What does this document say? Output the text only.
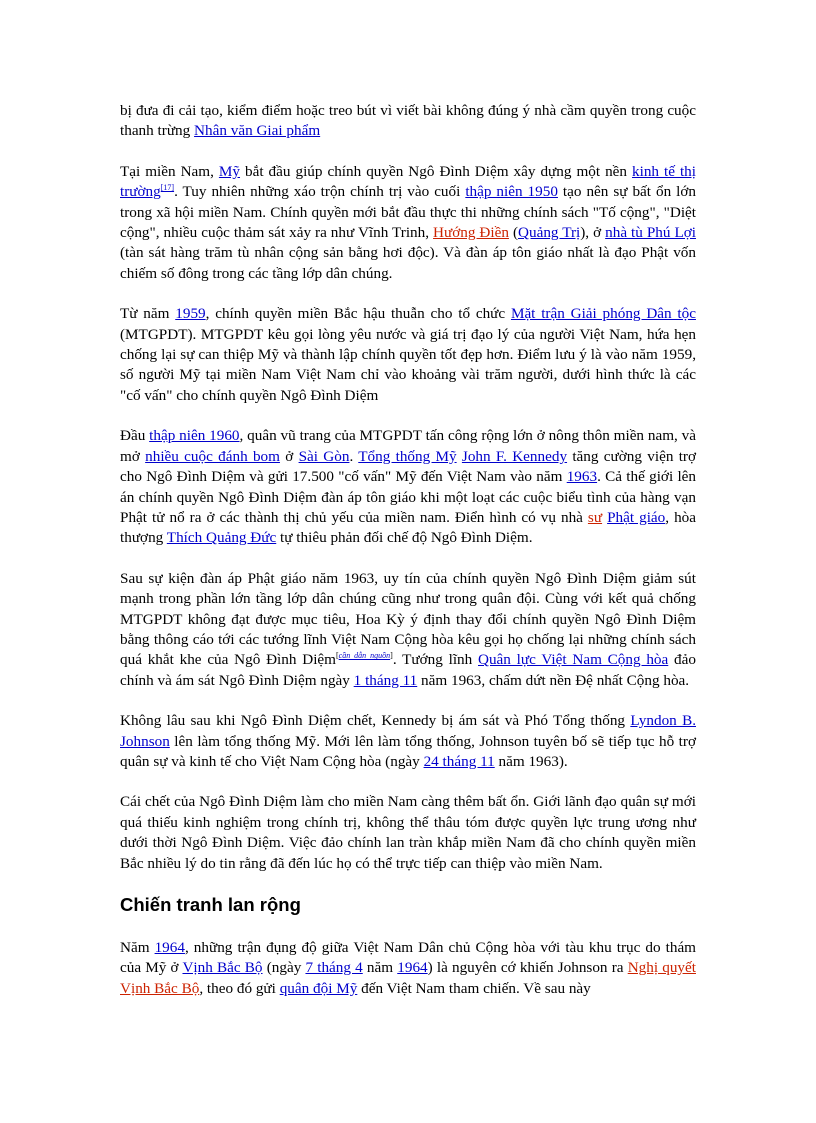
bị đưa đi cải tạo, kiểm điểm hoặc treo bút vì viết bài không đúng ý nhà cầm quyền trong cuộc thanh trừng Nhân văn Giai phẩm

Tại miền Nam, Mỹ bắt đầu giúp chính quyền Ngô Đình Diệm xây dựng một nền kinh tế thị trường[17]. Tuy nhiên những xáo trộn chính trị vào cuối thập niên 1950 tạo nên sự bất ổn lớn trong xã hội miền Nam. Chính quyền mới bắt đầu thực thi những chính sách "Tố cộng", "Diệt cộng", nhiều cuộc thảm sát xảy ra như Vĩnh Trinh, Hướng Điền (Quảng Trị), ở nhà tù Phú Lợi (tàn sát hàng trăm tù nhân cộng sản bằng hơi độc). Và đàn áp tôn giáo nhất là đạo Phật vốn chiếm số đông trong các tầng lớp dân chúng.

Từ năm 1959, chính quyền miền Bắc hậu thuẫn cho tổ chức Mặt trận Giải phóng Dân tộc (MTGPDT). MTGPDT kêu gọi lòng yêu nước và giá trị đạo lý của người Việt Nam, hứa hẹn chống lại sự can thiệp Mỹ và thành lập chính quyền tốt đẹp hơn. Điểm lưu ý là vào năm 1959, số người Mỹ tại miền Nam Việt Nam chỉ vào khoảng vài trăm người, dưới hình thức là các "cố vấn" cho chính quyền Ngô Đình Diệm

Đầu thập niên 1960, quân vũ trang của MTGPDT tấn công rộng lớn ở nông thôn miền nam, và mở nhiều cuộc đánh bom ở Sài Gòn. Tổng thống Mỹ John F. Kennedy tăng cường viện trợ cho Ngô Đình Diệm và gửi 17.500 "cố vấn" Mỹ đến Việt Nam vào năm 1963. Cả thế giới lên án chính quyền Ngô Đình Diệm đàn áp tôn giáo khi một loạt các cuộc biểu tình của hàng vạn Phật tử nổ ra ở các thành thị chủ yếu của miền nam. Điển hình có vụ nhà sư Phật giáo, hòa thượng Thích Quảng Đức tự thiêu phản đối chế độ Ngô Đình Diệm.

Sau sự kiện đàn áp Phật giáo năm 1963, uy tín của chính quyền Ngô Đình Diệm giảm sút mạnh trong phần lớn tầng lớp dân chúng cũng như trong quân đội. Cùng với kết quả chống MTGPDT không đạt được mục tiêu, Hoa Kỳ ý định thay đổi chính quyền Ngô Đình Diệm bằng thông cáo tới các tướng lĩnh Việt Nam Cộng hòa kêu gọi họ chống lại những chính sách quá khắt khe của Ngô Đình Diệm[cần dẫn nguồn]. Tướng lĩnh Quân lực Việt Nam Cộng hòa đảo chính và ám sát Ngô Đình Diệm ngày 1 tháng 11 năm 1963, chấm dứt nền Đệ nhất Cộng hòa.

Không lâu sau khi Ngô Đình Diệm chết, Kennedy bị ám sát và Phó Tổng thống Lyndon B. Johnson lên làm tổng thống Mỹ. Mới lên làm tổng thống, Johnson tuyên bố sẽ tiếp tục hỗ trợ quân sự và kinh tế cho Việt Nam Cộng hòa (ngày 24 tháng 11 năm 1963).

Cái chết của Ngô Đình Diệm làm cho miền Nam càng thêm bất ổn. Giới lãnh đạo quân sự mới quá thiếu kinh nghiệm trong chính trị, không thể thâu tóm được quyền lực trung ương như dưới thời Ngô Đình Diệm. Việc đảo chính lan tràn khắp miền Nam đã cho chính quyền miền Bắc nhiều lý do tin rằng đã đến lúc họ có thể trực tiếp can thiệp vào miền Nam.

Chiến tranh lan rộng

Năm 1964, những trận đụng độ giữa Việt Nam Dân chủ Cộng hòa với tàu khu trục do thám của Mỹ ở Vịnh Bắc Bộ (ngày 7 tháng 4 năm 1964) là nguyên cớ khiến Johnson ra Nghị quyết Vịnh Bắc Bộ, theo đó gửi quân đội Mỹ đến Việt Nam tham chiến. Về sau này
